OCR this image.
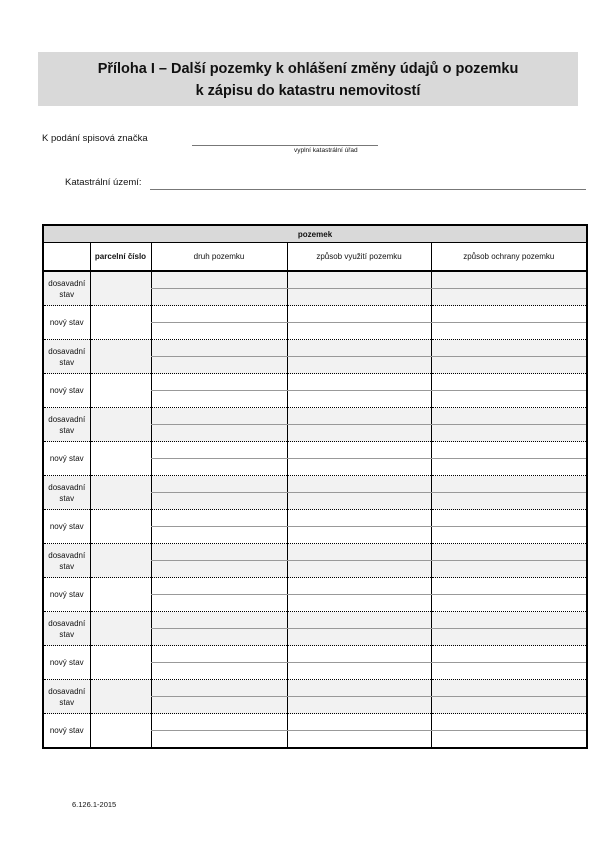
Příloha I – Další pozemky k ohlášení změny údajů o pozemku
k zápisu do katastru nemovitostí
K podání spisová značka
vyplní katastrální úřad
Katastrální území:
pozemek				
	parcelní číslo	druh pozemku	způsob využití pozemku	způsob ochrany pozemku
dosavadní stav				

nový stav				

dosavadní stav				

nový stav				

dosavadní stav				

nový stav				

dosavadní stav				

nový stav				

dosavadní stav				

nový stav				

dosavadní stav				

nový stav				

dosavadní stav				

nový stav				

6.126.1-2015
